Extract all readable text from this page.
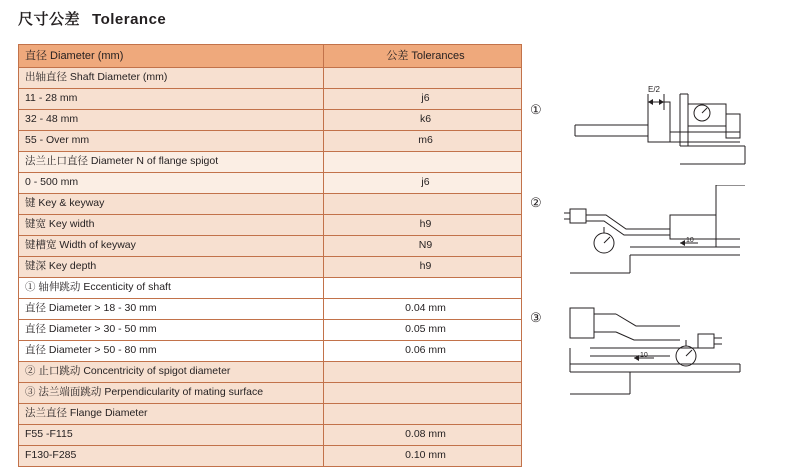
尺寸公差 Tolerance
直径 Diameter (mm)	公差 Tolerances
出轴直径 Shaft Diameter (mm)	
11 - 28 mm	j6
32 - 48 mm	k6
55 - Over mm	m6
法兰止口直径 Diameter N of flange spigot	
0 - 500 mm	j6
键 Key & keyway	
键宽 Key width	h9
键槽宽 Width of keyway	N9
键深 Key depth	h9
① 轴伸跳动 Eccenticity of shaft	
直径 Diameter > 18 - 30 mm	0.04 mm
直径 Diameter > 30 - 50 mm	0.05 mm
直径 Diameter > 50 - 80 mm	0.06 mm
② 止口跳动 Concentricity of spigot diameter	
③ 法兰端面跳动 Perpendicularity of mating surface	
法兰直径 Flange Diameter	
F55 -F115	0.08 mm
F130-F285	0.10 mm
①
E/2
②
10
③
10
